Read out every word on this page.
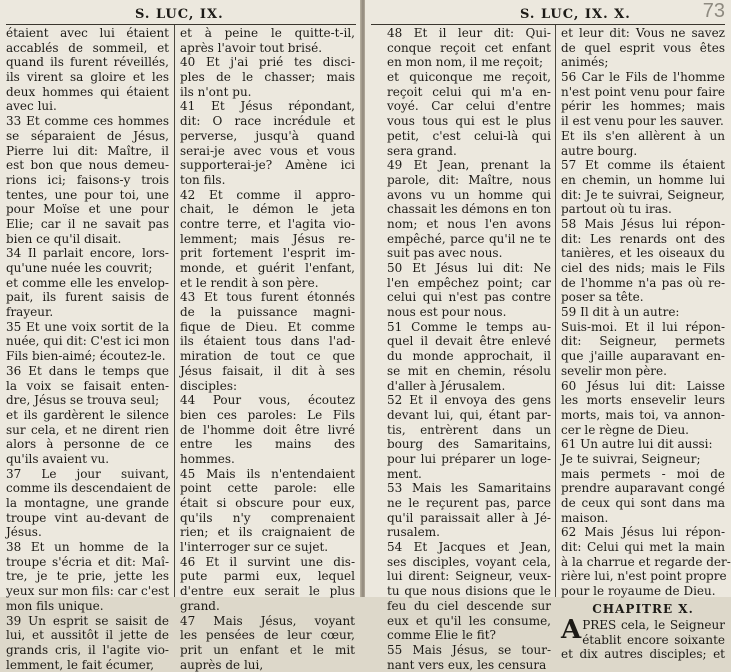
S. LUC, IX.
étaient avec lui étaient
accablés de sommeil, et
quand ils furent réveillés,
ils virent sa gloire et les
deux hommes qui étaient
avec lui.
33 Et comme ces hommes
se séparaient de Jésus,
Pierre lui dit: Maître, il
est bon que nous demeu-
rions ici; faisons-y trois
tentes, une pour toi, une
pour Moïse et une pour
Elie; car il ne savait pas
bien ce qu'il disait.
34 Il parlait encore, lors-
qu'une nuée les couvrit;
et comme elle les envelop-
pait, ils furent saisis de
frayeur.
35 Et une voix sortit de la
nuée, qui dit: C'est ici mon
Fils bien-aimé; écoutez-le.
36 Et dans le temps que
la voix se faisait enten-
dre, Jésus se trouva seul;
et ils gardèrent le silence
sur cela, et ne dirent rien
alors à personne de ce
qu'ils avaient vu.
37 Le jour suivant,
comme ils descendaient de
la montagne, une grande
troupe vint au-devant de
Jésus.
38 Et un homme de la
troupe s'écria et dit: Maî-
tre, je te prie, jette les
yeux sur mon fils: car c'est
mon fils unique.
39 Un esprit se saisit de
lui, et aussitôt il jette de
grands cris, il l'agite vio-
lemment, le fait écumer,
et à peine le quitte-t-il,
après l'avoir tout brisé.
40 Et j'ai prié tes disci-
ples de le chasser; mais
ils n'ont pu.
41 Et Jésus répondant,
dit: O race incrédule et
perverse, jusqu'à quand
serai-je avec vous et vous
supporterai-je? Amène ici
ton fils.
42 Et comme il appro-
chait, le démon le jeta
contre terre, et l'agita vio-
lemment; mais Jésus re-
prit fortement l'esprit im-
monde, et guérit l'enfant,
et le rendit à son père.
43 Et tous furent étonnés
de la puissance magni-
fique de Dieu. Et comme
ils étaient tous dans l'ad-
miration de tout ce que
Jésus faisait, il dit à ses
disciples:
44 Pour vous, écoutez
bien ces paroles: Le Fils
de l'homme doit être livré
entre les mains des
hommes.
45 Mais ils n'entendaient
point cette parole: elle
était si obscure pour eux,
qu'ils n'y comprenaient
rien; et ils craignaient de
l'interroger sur ce sujet.
46 Et il survint une dis-
pute parmi eux, lequel
d'entre eux serait le plus
grand.
47 Mais Jésus, voyant
les pensées de leur cœur,
prit un enfant et le mit
auprès de lui,
S. LUC, IX. X.	73
48 Et il leur dit: Qui-
conque reçoit cet enfant
en mon nom, il me reçoit;
et quiconque me reçoit,
reçoit celui qui m'a en-
voyé. Car celui d'entre
vous tous qui est le plus
petit, c'est celui-là qui
sera grand.
49 Et Jean, prenant la
parole, dit: Maître, nous
avons vu un homme qui
chassait les démons en ton
nom; et nous l'en avons
empêché, parce qu'il ne te
suit pas avec nous.
50 Et Jésus lui dit: Ne
l'en empêchez point; car
celui qui n'est pas contre
nous est pour nous.
51 Comme le temps au-
quel il devait être enlevé
du monde approchait, il
se mit en chemin, résolu
d'aller à Jérusalem.
52 Et il envoya des gens
devant lui, qui, étant par-
tis, entrèrent dans un
bourg des Samaritains,
pour lui préparer un loge-
ment.
53 Mais les Samaritains
ne le reçurent pas, parce
qu'il paraissait aller à Jé-
rusalem.
54 Et Jacques et Jean,
ses disciples, voyant cela,
lui dirent: Seigneur, veux-
tu que nous disions que le
feu du ciel descende sur
eux et qu'il les consume,
comme Elie le fit?
55 Mais Jésus, se tour-
nant vers eux, les censura
et leur dit: Vous ne savez
de quel esprit vous êtes
animés;
56 Car le Fils de l'homme
n'est point venu pour faire
périr les hommes; mais
il est venu pour les sauver.
Et ils s'en allèrent à un
autre bourg.
57 Et comme ils étaient
en chemin, un homme lui
dit: Je te suivrai, Seigneur,
partout où tu iras.
58 Mais Jésus lui répon-
dit: Les renards ont des
tanières, et les oiseaux du
ciel des nids; mais le Fils
de l'homme n'a pas où re-
poser sa tête.
59 Il dit à un autre:
Suis-moi. Et il lui répon-
dit: Seigneur, permets
que j'aille auparavant en-
sevelir mon père.
60 Jésus lui dit: Laisse
les morts ensevelir leurs
morts, mais toi, va annon-
cer le règne de Dieu.
61 Un autre lui dit aussi:
Je te suivrai, Seigneur;
mais permets - moi de
prendre auparavant congé
de ceux qui sont dans ma
maison.
62 Mais Jésus lui répon-
dit: Celui qui met la main
à la charrue et regarde der-
rière lui, n'est point propre
pour le royaume de Dieu.
CHAPITRE X.
A PRES cela, le Seigneur
établit encore soixante
et dix autres disciples; et
